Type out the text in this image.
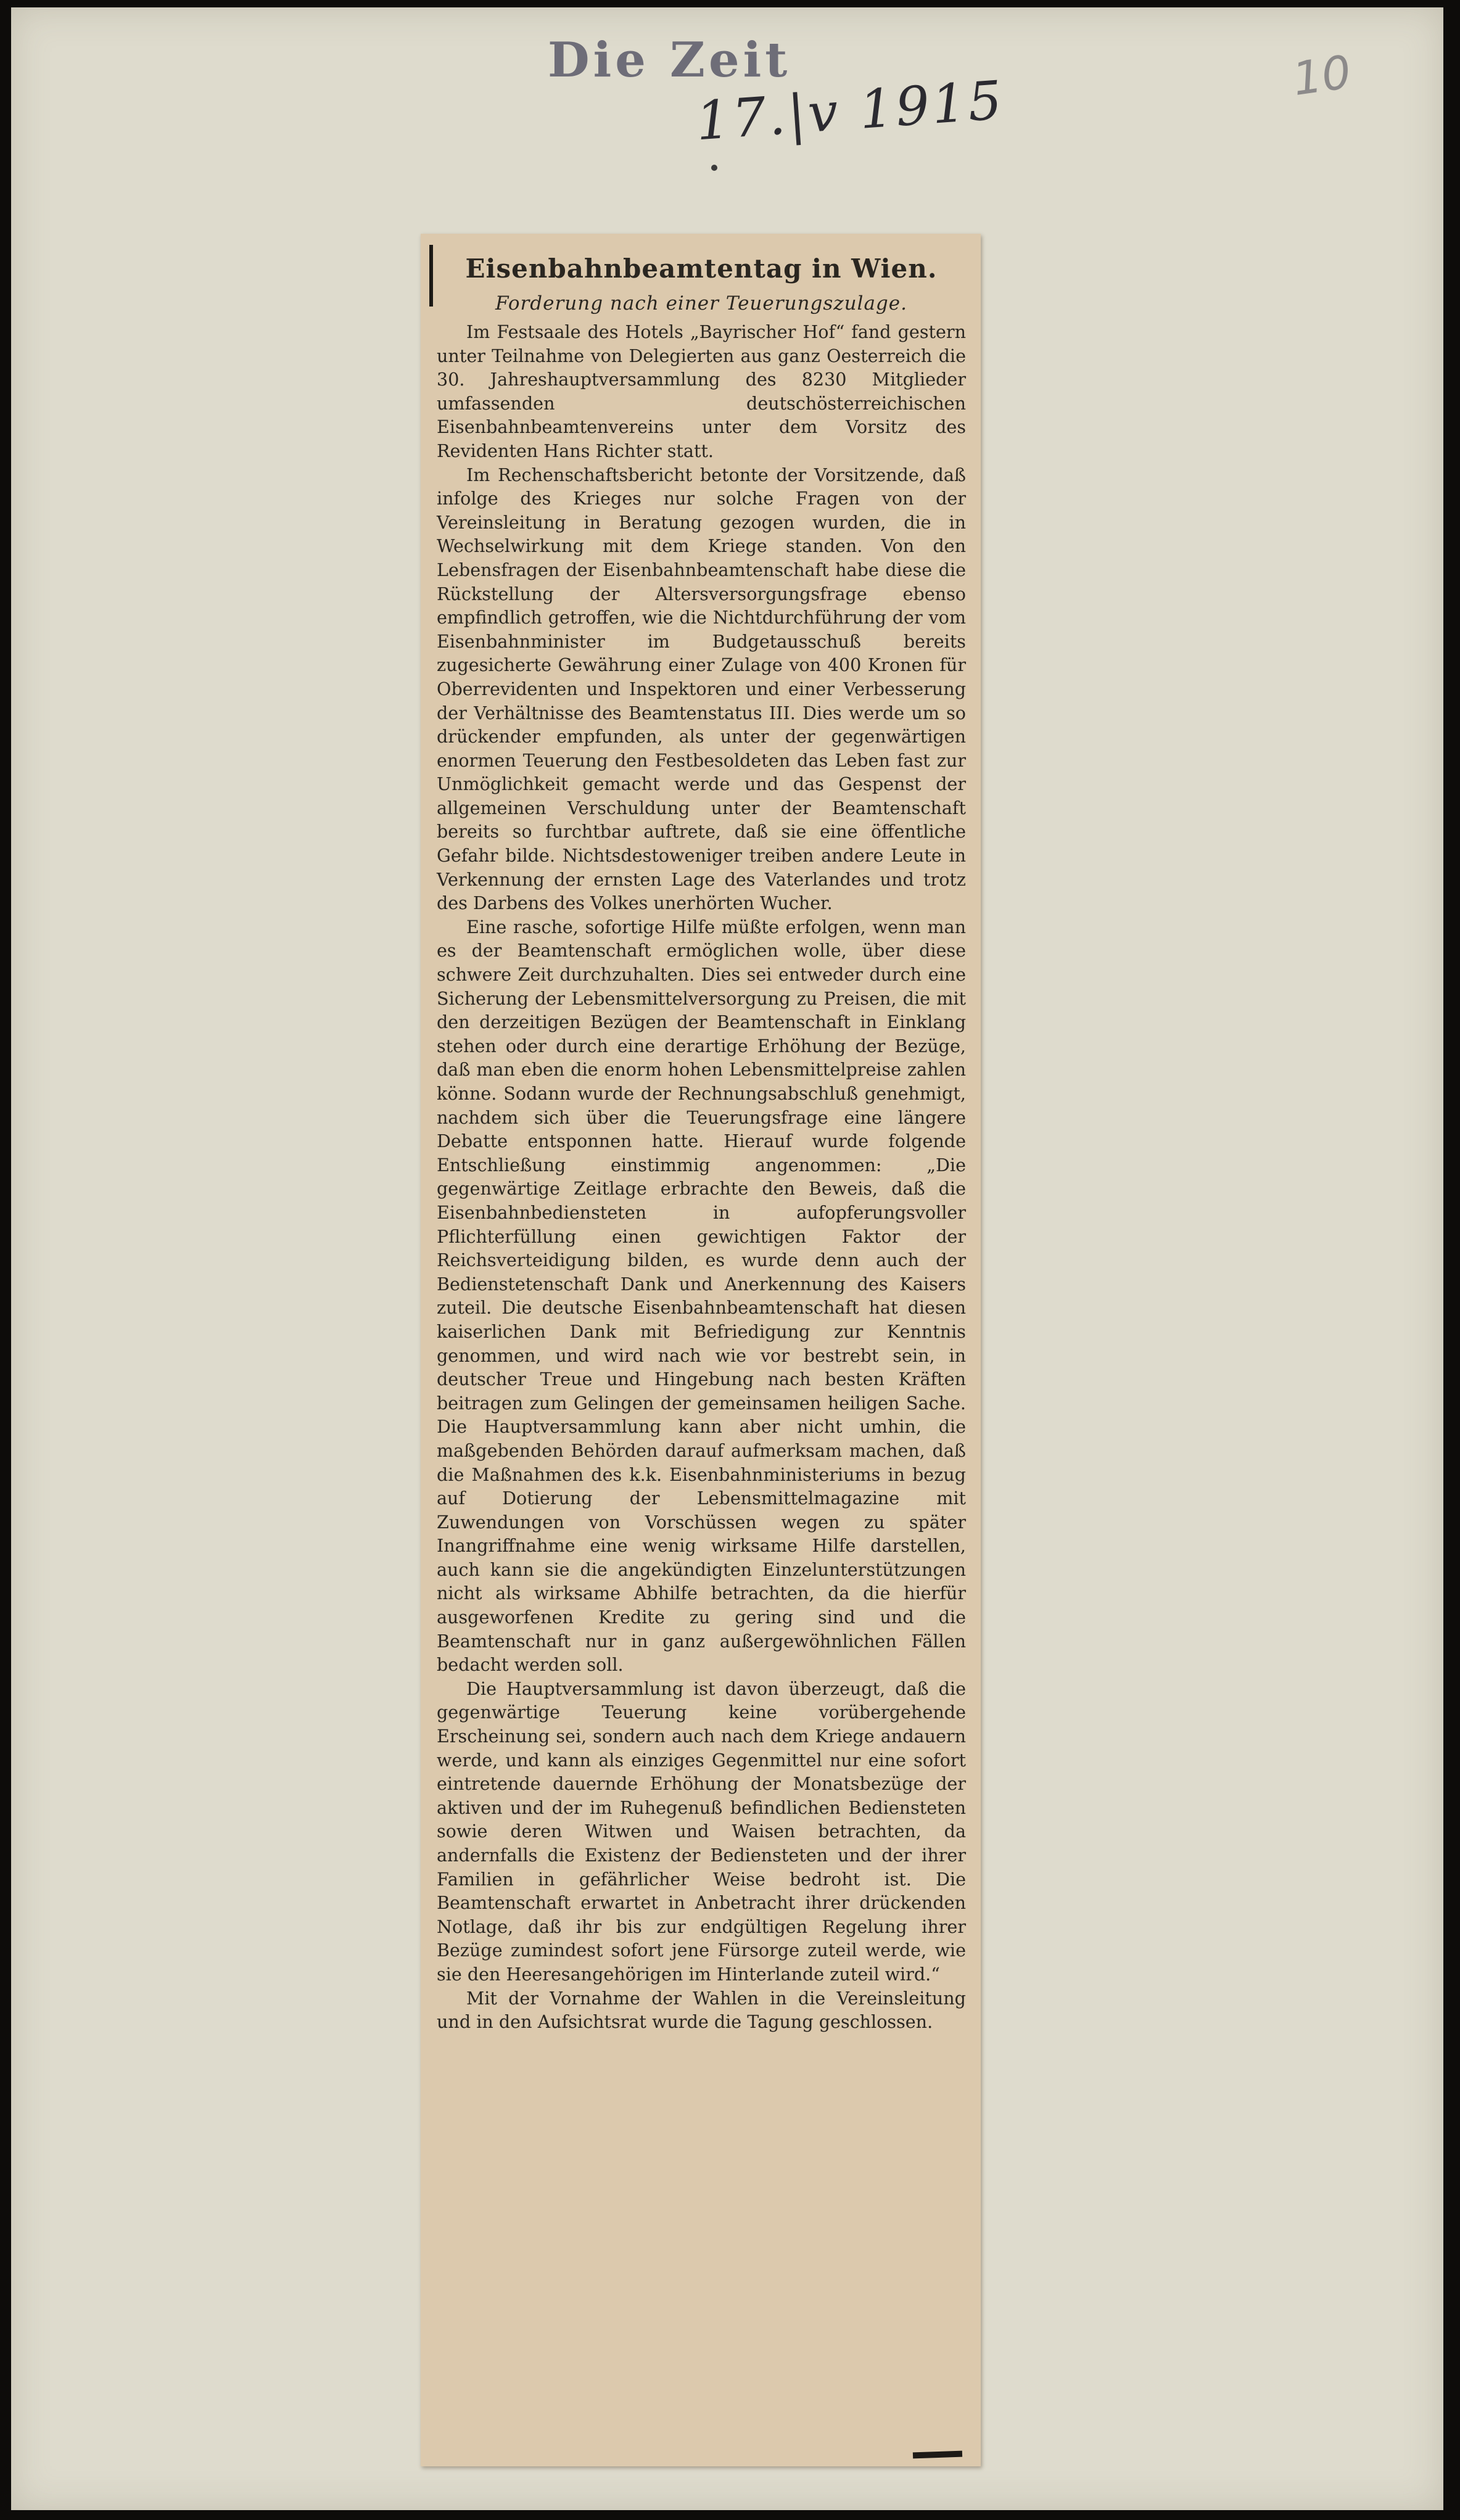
Die Zeit
17.|v 1915	10
Eisenbahnbeamtentag in Wien.
Forderung nach einer Teuerungszulage.

Im Festsaale des Hotels „Bayrischer Hof“ fand gestern unter Teilnahme von Delegierten aus ganz Oesterreich die 30. Jahreshauptversammlung des 8230 Mitglieder umfassenden deutschösterreichischen Eisenbahnbeamtenvereins unter dem Vorsitz des Revidenten Hans Richter statt.

Im Rechenschaftsbericht betonte der Vorsitzende, daß infolge des Krieges nur solche Fragen von der Vereinsleitung in Beratung gezogen wurden, die in Wechselwirkung mit dem Kriege standen. Von den Lebensfragen der Eisenbahnbeamtenschaft habe diese die Rückstellung der Altersversorgungsfrage ebenso empfindlich getroffen, wie die Nichtdurchführung der vom Eisenbahnminister im Budgetausschuß bereits zugesicherte Gewährung einer Zulage von 400 Kronen für Oberrevidenten und Inspektoren und einer Verbesserung der Verhältnisse des Beamtenstatus III. Dies werde um so drückender empfunden, als unter der gegenwärtigen enormen Teuerung den Festbesoldeten das Leben fast zur Unmöglichkeit gemacht werde und das Gespenst der allgemeinen Verschuldung unter der Beamtenschaft bereits so furchtbar auftrete, daß sie eine öffentliche Gefahr bilde. Nichtsdestoweniger treiben andere Leute in Verkennung der ernsten Lage des Vaterlandes und trotz des Darbens des Volkes unerhörten Wucher.

Eine rasche, sofortige Hilfe müßte erfolgen, wenn man es der Beamtenschaft ermöglichen wolle, über diese schwere Zeit durchzuhalten. Dies sei entweder durch eine Sicherung der Lebensmittelversorgung zu Preisen, die mit den derzeitigen Bezügen der Beamtenschaft in Einklang stehen oder durch eine derartige Erhöhung der Bezüge, daß man eben die enorm hohen Lebensmittelpreise zahlen könne. Sodann wurde der Rechnungsabschluß genehmigt, nachdem sich über die Teuerungsfrage eine längere Debatte entsponnen hatte. Hierauf wurde folgende Entschließung einstimmig angenommen: „Die gegenwärtige Zeitlage erbrachte den Beweis, daß die Eisenbahnbediensteten in aufopferungsvoller Pflichterfüllung einen gewichtigen Faktor der Reichsverteidigung bilden, es wurde denn auch der Bedienstetenschaft Dank und Anerkennung des Kaisers zuteil. Die deutsche Eisenbahnbeamtenschaft hat diesen kaiserlichen Dank mit Befriedigung zur Kenntnis genommen, und wird nach wie vor bestrebt sein, in deutscher Treue und Hingebung nach besten Kräften beitragen zum Gelingen der gemeinsamen heiligen Sache. Die Hauptversammlung kann aber nicht umhin, die maßgebenden Behörden darauf aufmerksam machen, daß die Maßnahmen des k.k. Eisenbahnministeriums in bezug auf Dotierung der Lebensmittelmagazine mit Zuwendungen von Vorschüssen wegen zu später Inangriffnahme eine wenig wirksame Hilfe darstellen, auch kann sie die angekündigten Einzelunterstützungen nicht als wirksame Abhilfe betrachten, da die hierfür ausgeworfenen Kredite zu gering sind und die Beamtenschaft nur in ganz außergewöhnlichen Fällen bedacht werden soll.

Die Hauptversammlung ist davon überzeugt, daß die gegenwärtige Teuerung keine vorübergehende Erscheinung sei, sondern auch nach dem Kriege andauern werde, und kann als einziges Gegenmittel nur eine sofort eintretende dauernde Erhöhung der Monatsbezüge der aktiven und der im Ruhegenuß befindlichen Bediensteten sowie deren Witwen und Waisen betrachten, da andernfalls die Existenz der Bediensteten und der ihrer Familien in gefährlicher Weise bedroht ist. Die Beamtenschaft erwartet in Anbetracht ihrer drückenden Notlage, daß ihr bis zur endgültigen Regelung ihrer Bezüge zumindest sofort jene Fürsorge zuteil werde, wie sie den Heeresangehörigen im Hinterlande zuteil wird.“

Mit der Vornahme der Wahlen in die Vereinsleitung und in den Aufsichtsrat wurde die Tagung geschlossen.
